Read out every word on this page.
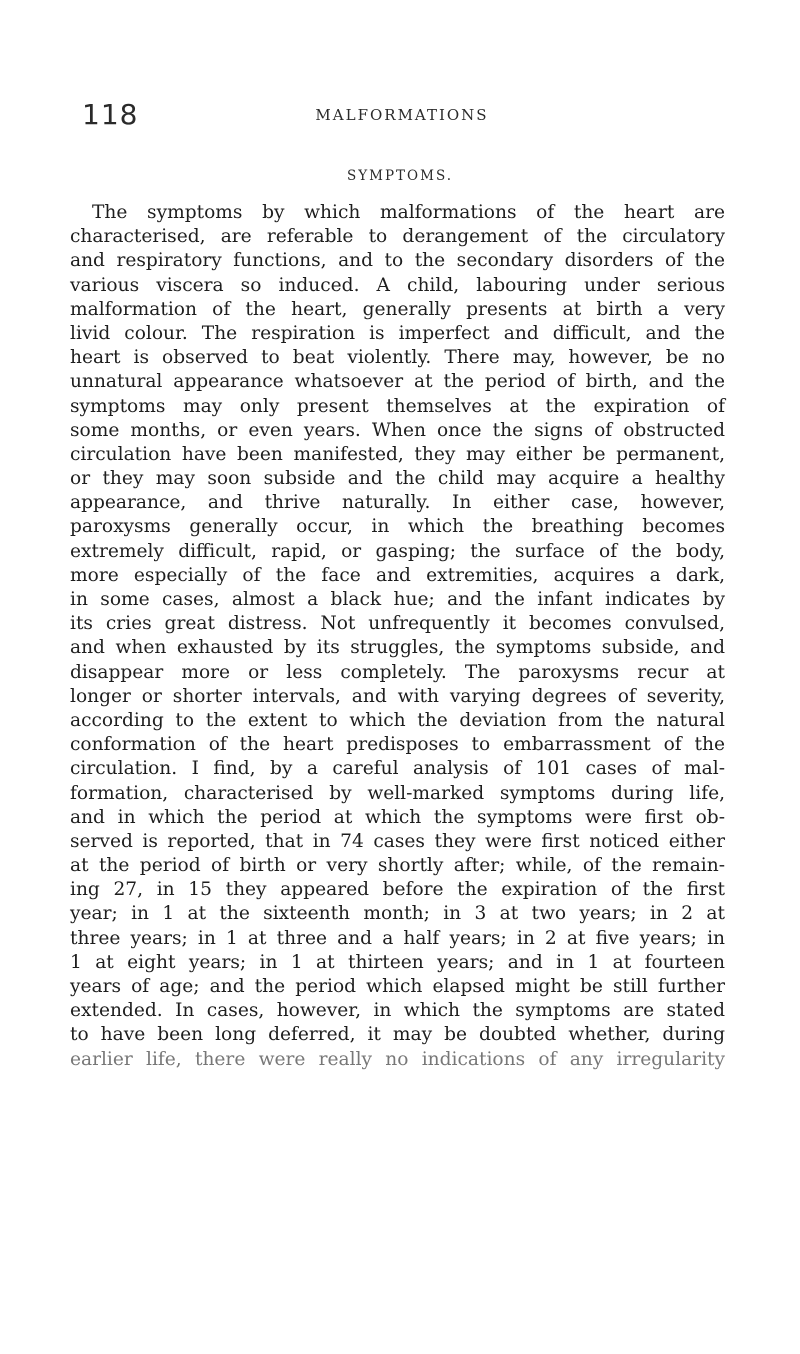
118	MALFORMATIONS
SYMPTOMS.
The symptoms by which malformations of the heart are
characterised, are referable to derangement of the circulatory
and respiratory functions, and to the secondary disorders of the
various viscera so induced. A child, labouring under serious
malformation of the heart, generally presents at birth a very
livid colour. The respiration is imperfect and difficult, and the
heart is observed to beat violently. There may, however, be no
unnatural appearance whatsoever at the period of birth, and the
symptoms may only present themselves at the expiration of
some months, or even years. When once the signs of obstructed
circulation have been manifested, they may either be permanent,
or they may soon subside and the child may acquire a healthy
appearance, and thrive naturally. In either case, however,
paroxysms generally occur, in which the breathing becomes
extremely difficult, rapid, or gasping; the surface of the body,
more especially of the face and extremities, acquires a dark,
in some cases, almost a black hue; and the infant indicates by
its cries great distress. Not unfrequently it becomes convulsed,
and when exhausted by its struggles, the symptoms subside, and
disappear more or less completely. The paroxysms recur at
longer or shorter intervals, and with varying degrees of severity,
according to the extent to which the deviation from the natural
conformation of the heart predisposes to embarrassment of the
circulation. I find, by a careful analysis of 101 cases of mal-
formation, characterised by well-marked symptoms during life,
and in which the period at which the symptoms were first ob-
served is reported, that in 74 cases they were first noticed either
at the period of birth or very shortly after; while, of the remain-
ing 27, in 15 they appeared before the expiration of the first
year; in 1 at the sixteenth month; in 3 at two years; in 2 at
three years; in 1 at three and a half years; in 2 at five years; in
1 at eight years; in 1 at thirteen years; and in 1 at fourteen
years of age; and the period which elapsed might be still further
extended. In cases, however, in which the symptoms are stated
to have been long deferred, it may be doubted whether, during
earlier life, there were really no indications of any irregularity
